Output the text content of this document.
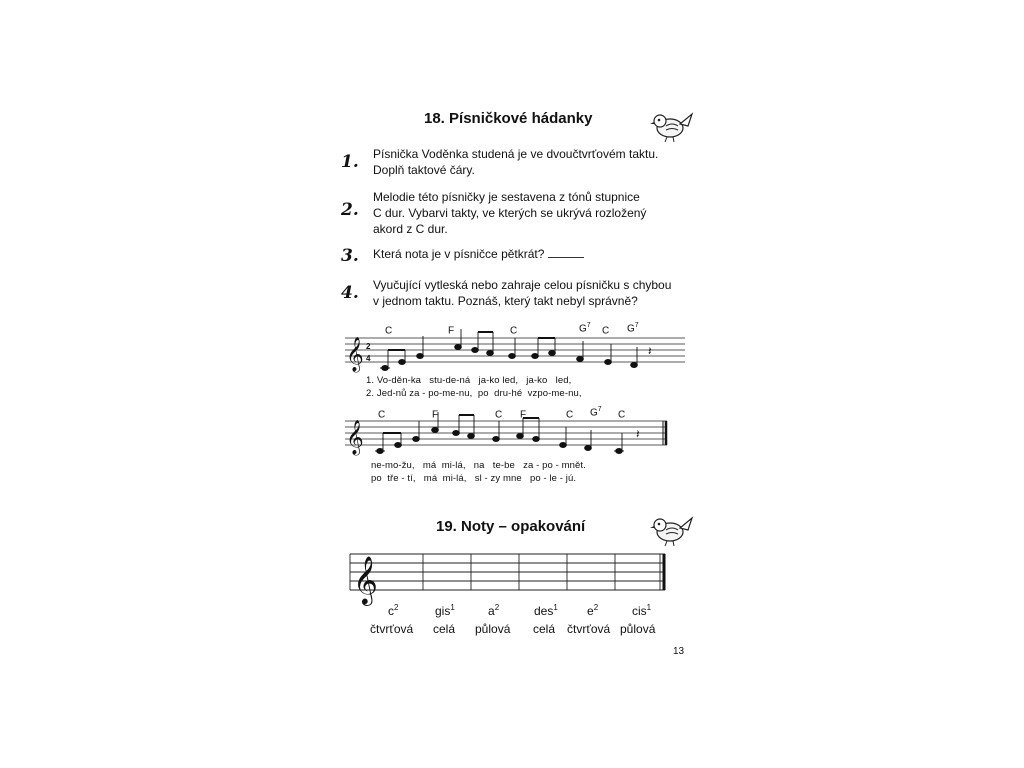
18. Písničkové hádanky
1. Písnička Voděnka studená je ve dvoučtvrťovém taktu.
Doplň taktové čáry.
2.
Melodie této písničky je sestavena z tónů stupnice
C dur. Vybarvi takty, ve kterých se ukrývá rozložený
akord z C dur.
3. Která nota je v písničce pětkrát?
4. Vyučující vytleská nebo zahraje celou písničku s chybou
v jednom taktu. Poznáš, který takt nebyl správně?
C	F	C	$G^7$ C $G^7$
𝄞 2
4
𝄽
1. Vo-děn-ka   stu-de-ná   ja-ko led,   ja-ko   led,
2. Jed-nů za - po-me-nu,  po  dru-hé  vzpo-me-nu,
C	F	C F	C $G^7$ C
𝄞	𝄽
ne-mo-žu,   má  mi-lá,   na   te-be   za - po - mnět.
po  tře - tí,   má  mi-lá,   sl - zy mne   po - le - jú.
19. Noty – opakování
𝄞
$c^2$	gis$^1$	$a^2$	des$^1$ $e^2$	cis$^1$
čtvrťová celá půlová celá čtvrťová půlová
13
